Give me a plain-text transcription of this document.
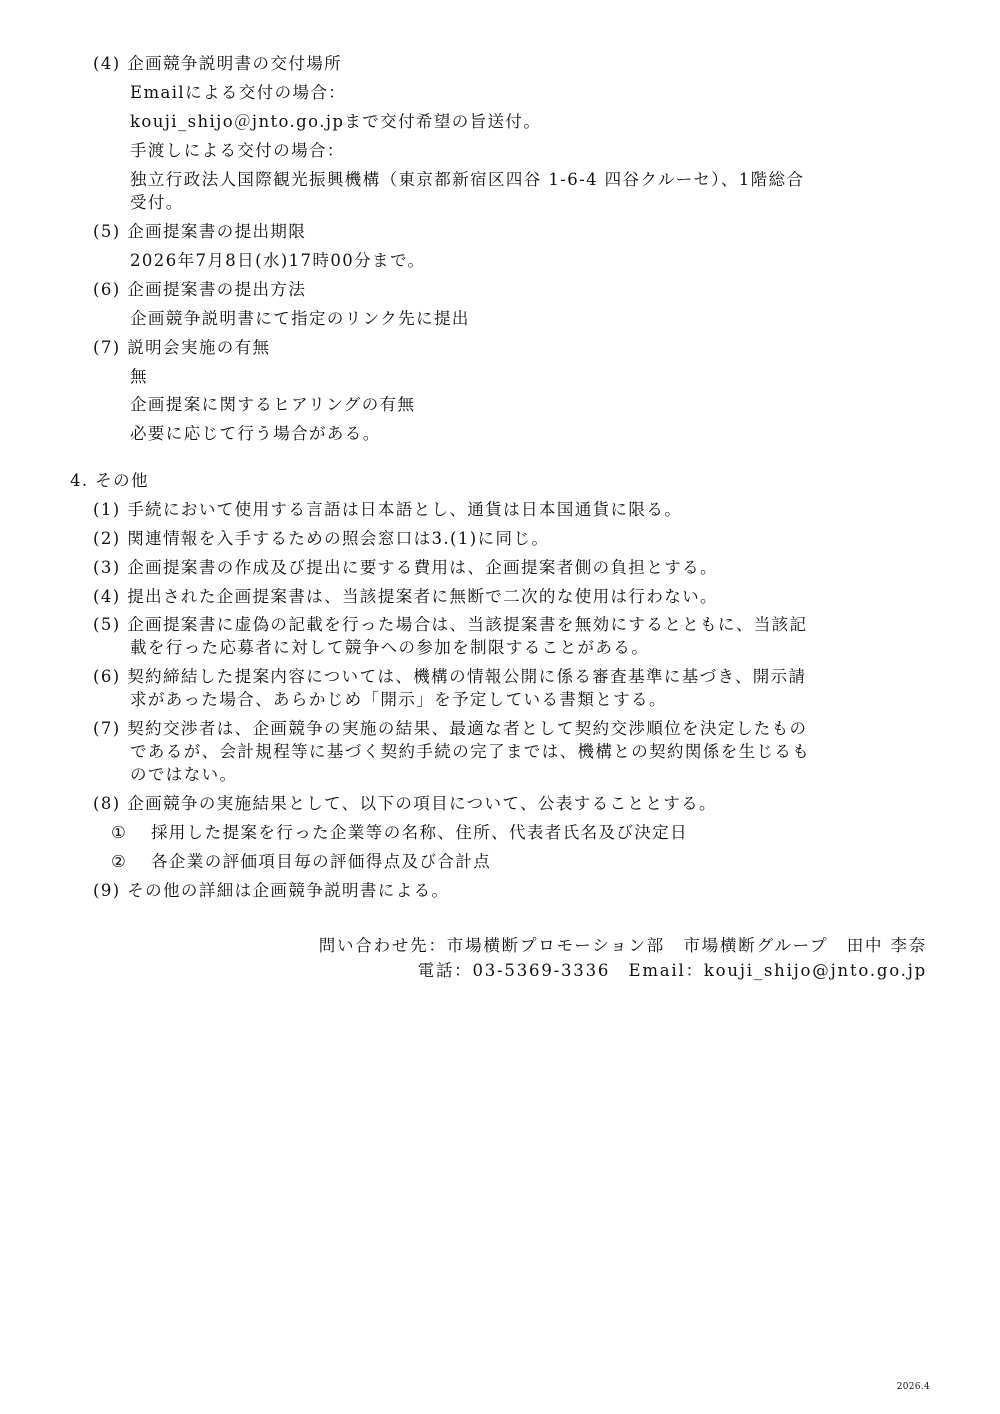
(4) 企画競争説明書の交付場所

Emailによる交付の場合：

kouji_shijo＠jnto.go.jpまで交付希望の旨送付。

手渡しによる交付の場合：

独立行政法人国際観光振興機構（東京都新宿区四谷 1-6-4 四谷クルーセ）、1階総合

受付。

(5) 企画提案書の提出期限

2026年7月8日(水)17時00分まで。

(6) 企画提案書の提出方法

企画競争説明書にて指定のリンク先に提出

(7) 説明会実施の有無

無

企画提案に関するヒアリングの有無

必要に応じて行う場合がある。

4. その他

(1) 手続において使用する言語は日本語とし、通貨は日本国通貨に限る。

(2) 関連情報を入手するための照会窓口は3.(1)に同じ。

(3) 企画提案書の作成及び提出に要する費用は、企画提案者側の負担とする。

(4) 提出された企画提案書は、当該提案者に無断で二次的な使用は行わない。

(5) 企画提案書に虚偽の記載を行った場合は、当該提案書を無効にするとともに、当該記

載を行った応募者に対して競争への参加を制限することがある。

(6) 契約締結した提案内容については、機構の情報公開に係る審査基準に基づき、開示請

求があった場合、あらかじめ「開示」を予定している書類とする。

(7) 契約交渉者は、企画競争の実施の結果、最適な者として契約交渉順位を決定したもの

であるが、会計規程等に基づく契約手続の完了までは、機構との契約関係を生じるも

のではない。

(8) 企画競争の実施結果として、以下の項目について、公表することとする。

① 採用した提案を行った企業等の名称、住所、代表者氏名及び決定日

② 各企業の評価項目毎の評価得点及び合計点

(9) その他の詳細は企画競争説明書による。

問い合わせ先：市場横断プロモーション部　市場横断グループ　田中 李奈

電話：03-5369-3336　Email：kouji_shijo@jnto.go.jp

2026.4
